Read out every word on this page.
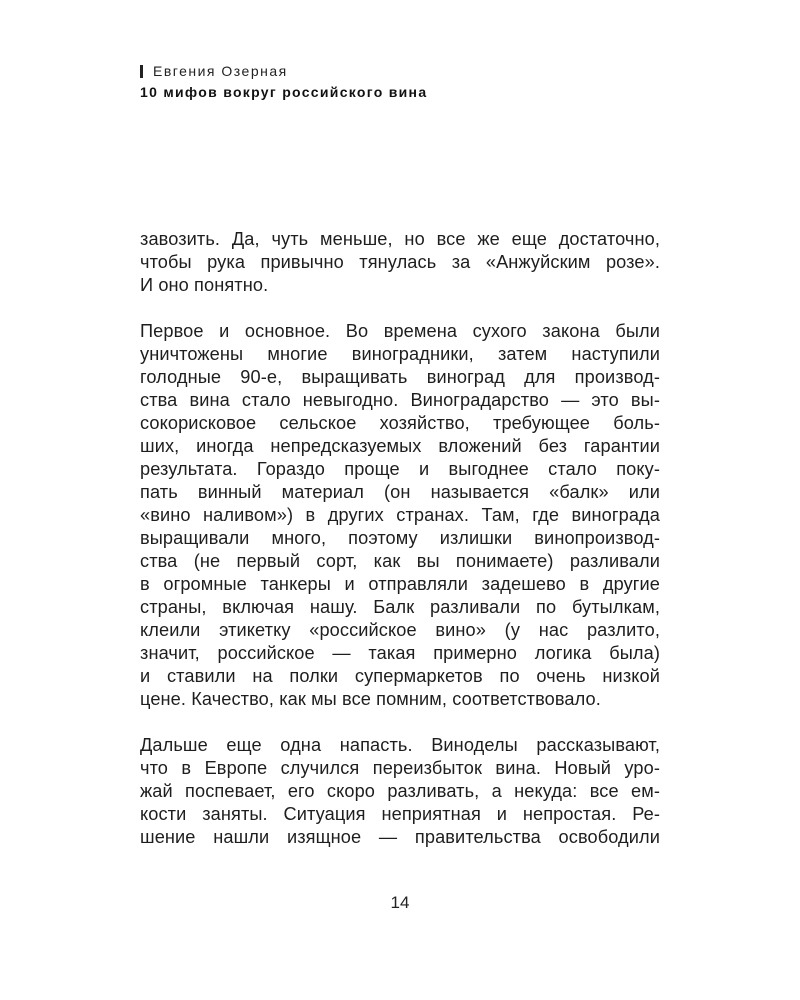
Евгения Озерная
10 мифов вокруг российского вина

завозить. Да, чуть меньше, но все же еще достаточно,
чтобы рука привычно тянулась за «Анжуйским розе».
И оно понятно.

Первое и основное. Во времена сухого закона были
уничтожены многие виноградники, затем наступили
голодные 90-е, выращивать виноград для производ-
ства вина стало невыгодно. Виноградарство — это вы-
сокорисковое сельское хозяйство, требующее боль-
ших, иногда непредсказуемых вложений без гарантии
результата. Гораздо проще и выгоднее стало поку-
пать винный материал (он называется «балк» или
«вино наливом») в других странах. Там, где винограда
выращивали много, поэтому излишки винопроизвод-
ства (не первый сорт, как вы понимаете) разливали
в огромные танкеры и отправляли задешево в другие
страны, включая нашу. Балк разливали по бутылкам,
клеили этикетку «российское вино» (у нас разлито,
значит, российское — такая примерно логика была)
и ставили на полки супермаркетов по очень низкой
цене. Качество, как мы все помним, соответствовало.

Дальше еще одна напасть. Виноделы рассказывают,
что в Европе случился переизбыток вина. Новый уро-
жай поспевает, его скоро разливать, а некуда: все ем-
кости заняты. Ситуация неприятная и непростая. Ре-
шение нашли изящное — правительства освободили

14
